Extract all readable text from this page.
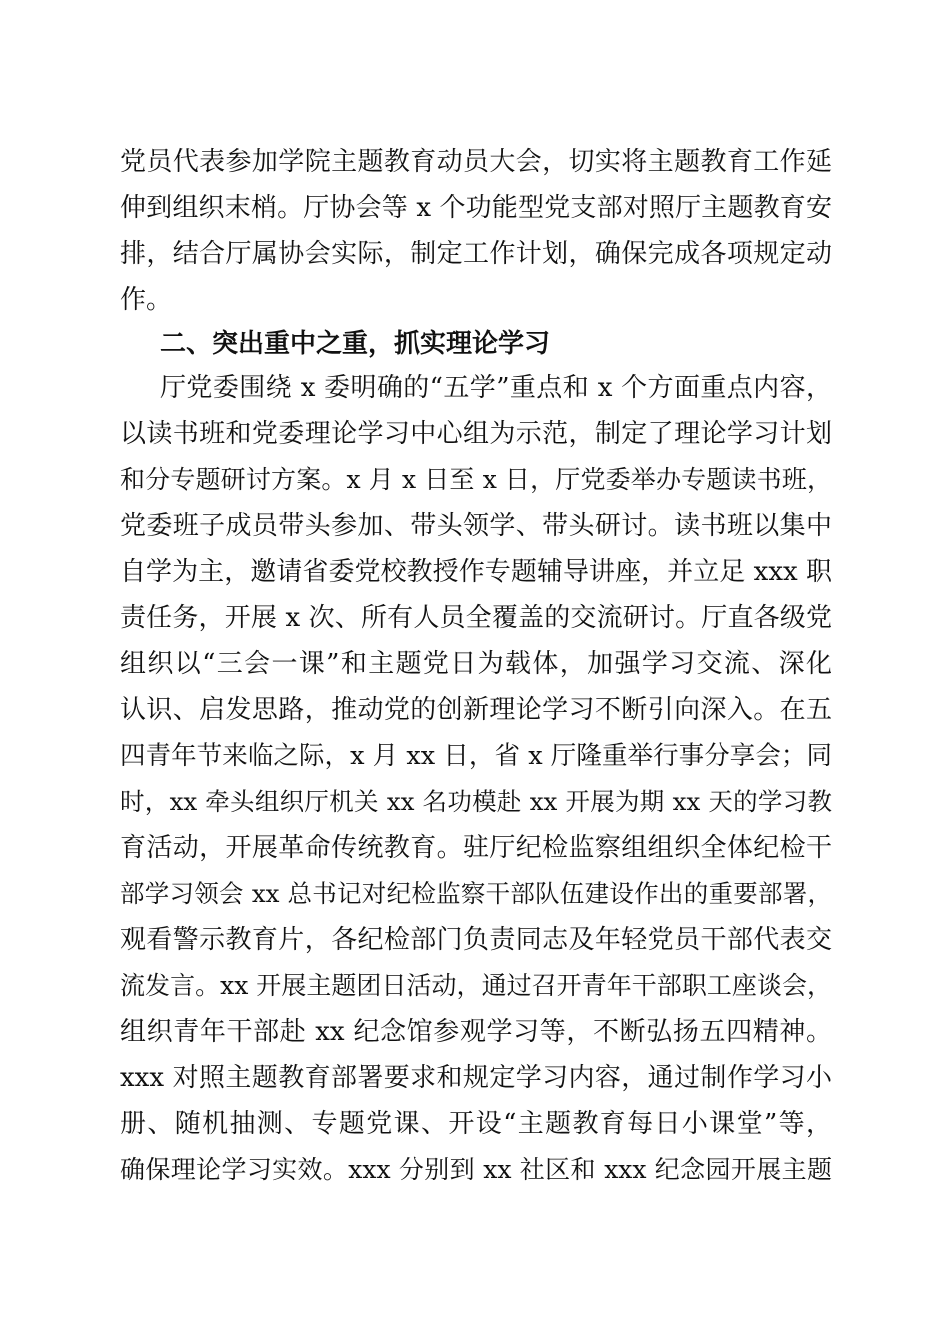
党员代表参加学院主题教育动员大会，切实将主题教育工作延
伸到组织末梢。厅协会等 x 个功能型党支部对照厅主题教育安
排，结合厅属协会实际，制定工作计划，确保完成各项规定动
作。
二、突出重中之重，抓实理论学习
厅党委围绕 x 委明确的“五学”重点和 x 个方面重点内容，
以读书班和党委理论学习中心组为示范，制定了理论学习计划
和分专题研讨方案。x 月 x 日至 x 日，厅党委举办专题读书班，
党委班子成员带头参加、带头领学、带头研讨。读书班以集中
自学为主，邀请省委党校教授作专题辅导讲座，并立足 xxx 职
责任务，开展 x 次、所有人员全覆盖的交流研讨。厅直各级党
组织以“三会一课”和主题党日为载体，加强学习交流、深化
认识、启发思路，推动党的创新理论学习不断引向深入。在五
四青年节来临之际，x 月 xx 日，省 x 厅隆重举行事分享会；同
时，xx 牵头组织厅机关 xx 名功模赴 xx 开展为期 xx 天的学习教
育活动，开展革命传统教育。驻厅纪检监察组组织全体纪检干
部学习领会 xx 总书记对纪检监察干部队伍建设作出的重要部署，
观看警示教育片，各纪检部门负责同志及年轻党员干部代表交
流发言。xx 开展主题团日活动，通过召开青年干部职工座谈会，
组织青年干部赴 xx 纪念馆参观学习等，不断弘扬五四精神。
xxx 对照主题教育部署要求和规定学习内容，通过制作学习小
册、随机抽测、专题党课、开设“主题教育每日小课堂”等，
确保理论学习实效。xxx 分别到 xx 社区和 xxx 纪念园开展主题
